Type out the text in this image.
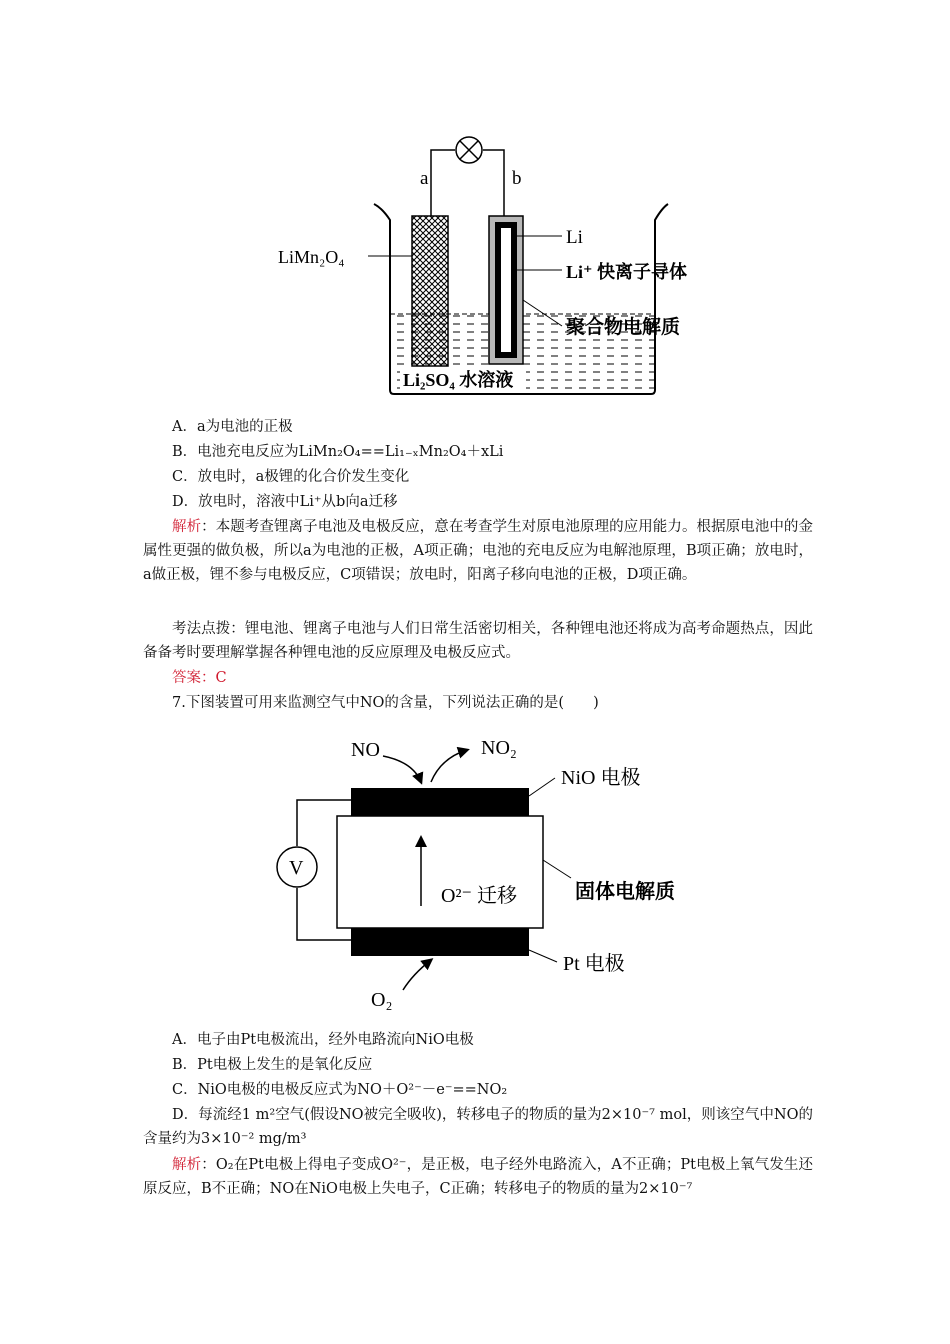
a	b
LiMn₂O₄
Li
Li⁺ 快离子导体
聚合物电解质
Li₂SO₄ 水溶液
A．a为电池的正极
B．电池充电反应为LiMn₂O₄==Li₁₋ₓMn₂O₄＋xLi
C．放电时，a极锂的化合价发生变化
D．放电时，溶液中Li⁺从b向a迁移
解析：本题考查锂离子电池及电极反应，意在考查学生对原电池原理的应用能力。根据原电池中的金属性更强的做负极，所以a为电池的正极，A项正确；电池的充电反应为电解池原理，B项正确；放电时，a做正极，锂不参与电极反应，C项错误；放电时，阳离子移向电池的正极，D项正确。
考法点拨：锂电池、锂离子电池与人们日常生活密切相关，各种锂电池还将成为高考命题热点，因此备备考时要理解掌握各种锂电池的反应原理及电极反应式。
答案：C
7.下图装置可用来监测空气中NO的含量，下列说法正确的是(　　)
V
NO	NO₂
NiO 电极
O²⁻ 迁移	固体电解质
Pt 电极
O₂
A．电子由Pt电极流出，经外电路流向NiO电极
B．Pt电极上发生的是氧化反应
C．NiO电极的电极反应式为NO＋O²⁻－e⁻==NO₂
D．每流经1 m²空气(假设NO被完全吸收)，转移电子的物质的量为2×10⁻⁷ mol，则该空气中NO的含量约为3×10⁻² mg/m³
解析：O₂在Pt电极上得电子变成O²⁻，是正极，电子经外电路流入，A不正确；Pt电极上氧气发生还原反应，B不正确；NO在NiO电极上失电子，C正确；转移电子的物质的量为2×10⁻⁷
